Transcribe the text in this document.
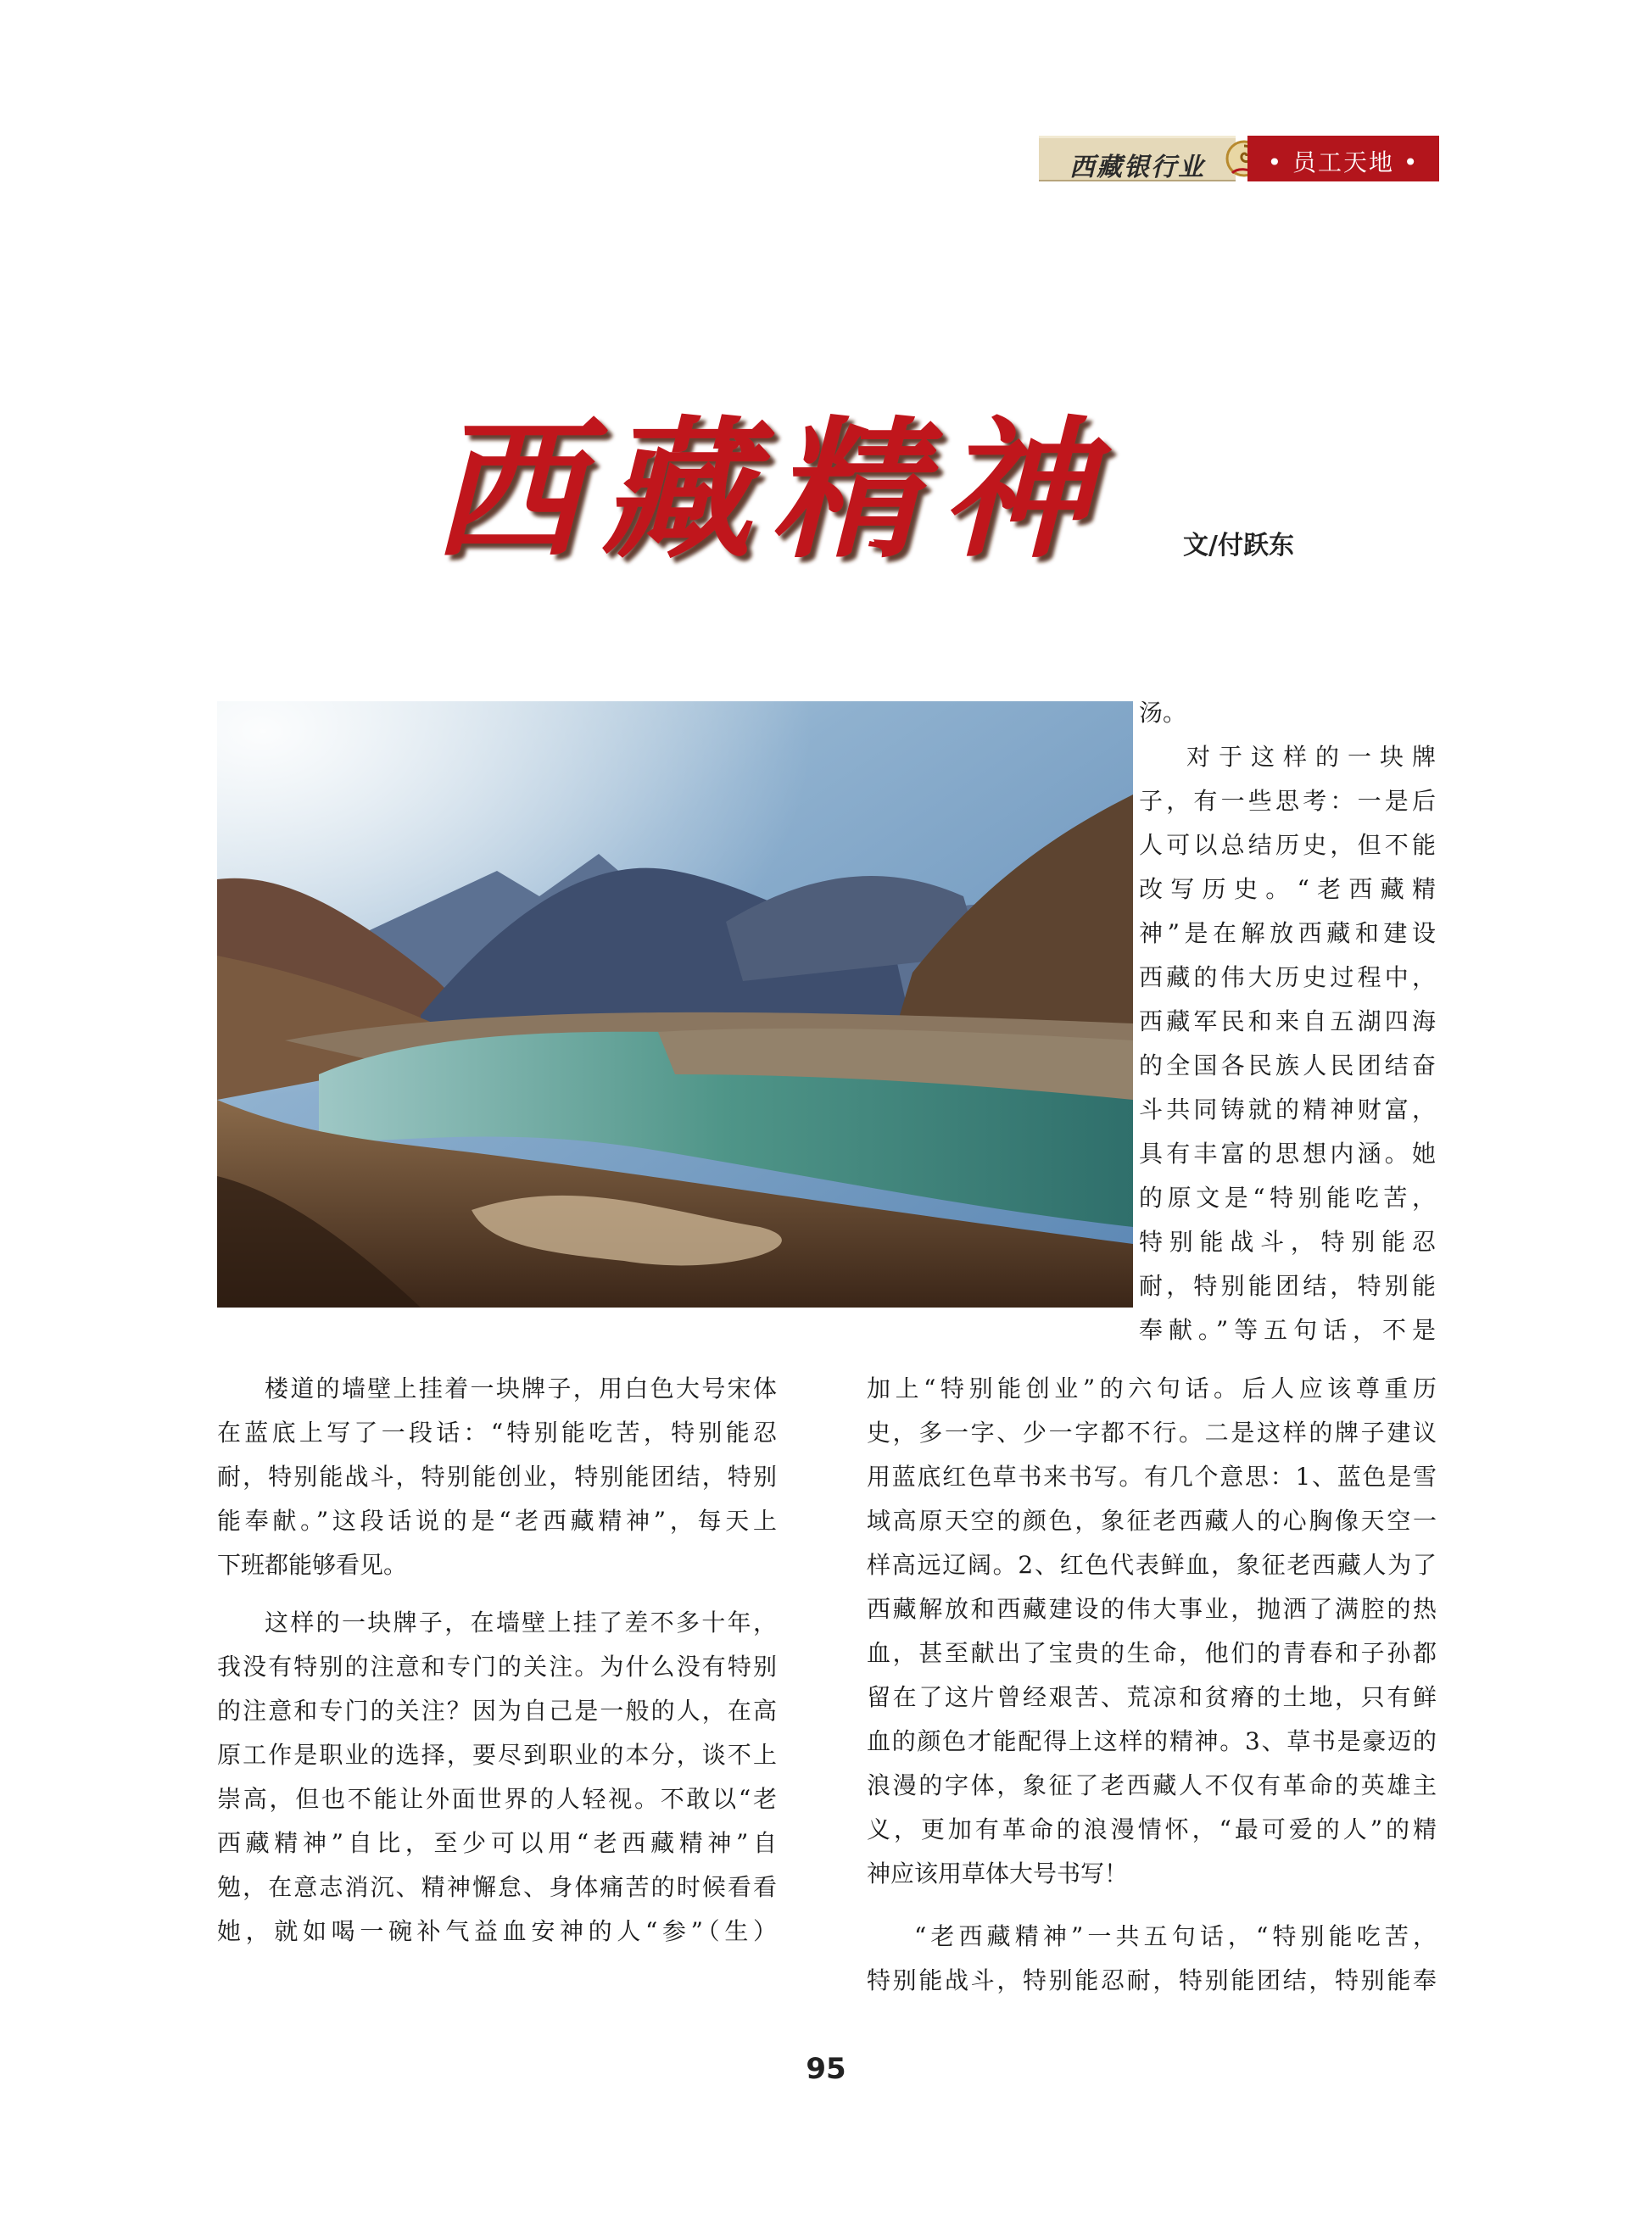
西藏银行业	• 员工天地 •
西藏精神	文/付跃东
汤。
对于这样的一块牌
子，有一些思考：一是后
人可以总结历史，但不能
改写历史。“老西藏精
神”是在解放西藏和建设
西藏的伟大历史过程中，
西藏军民和来自五湖四海
的全国各民族人民团结奋
斗共同铸就的精神财富，
具有丰富的思想内涵。她
的原文是“特别能吃苦，
特别能战斗，特别能忍
耐，特别能团结，特别能
奉献。”等五句话，不是
楼道的墙壁上挂着一块牌子，用白色大号宋体
在蓝底上写了一段话：“特别能吃苦，特别能忍
耐，特别能战斗，特别能创业，特别能团结，特别
能奉献。”这段话说的是“老西藏精神”，每天上
下班都能够看见。
这样的一块牌子，在墙壁上挂了差不多十年，
我没有特别的注意和专门的关注。为什么没有特别
的注意和专门的关注？因为自己是一般的人，在高
原工作是职业的选择，要尽到职业的本分，谈不上
崇高，但也不能让外面世界的人轻视。不敢以“老
西藏精神”自比，至少可以用“老西藏精神”自
勉，在意志消沉、精神懈怠、身体痛苦的时候看看
她，就如喝一碗补气益血安神的人“参”（生）
加上“特别能创业”的六句话。后人应该尊重历
史，多一字、少一字都不行。二是这样的牌子建议
用蓝底红色草书来书写。有几个意思：1、蓝色是雪
域高原天空的颜色，象征老西藏人的心胸像天空一
样高远辽阔。2、红色代表鲜血，象征老西藏人为了
西藏解放和西藏建设的伟大事业，抛洒了满腔的热
血，甚至献出了宝贵的生命，他们的青春和子孙都
留在了这片曾经艰苦、荒凉和贫瘠的土地，只有鲜
血的颜色才能配得上这样的精神。3、草书是豪迈的
浪漫的字体，象征了老西藏人不仅有革命的英雄主
义，更加有革命的浪漫情怀，“最可爱的人”的精
神应该用草体大号书写！
“老西藏精神”一共五句话，“特别能吃苦，
特别能战斗，特别能忍耐，特别能团结，特别能奉
95
